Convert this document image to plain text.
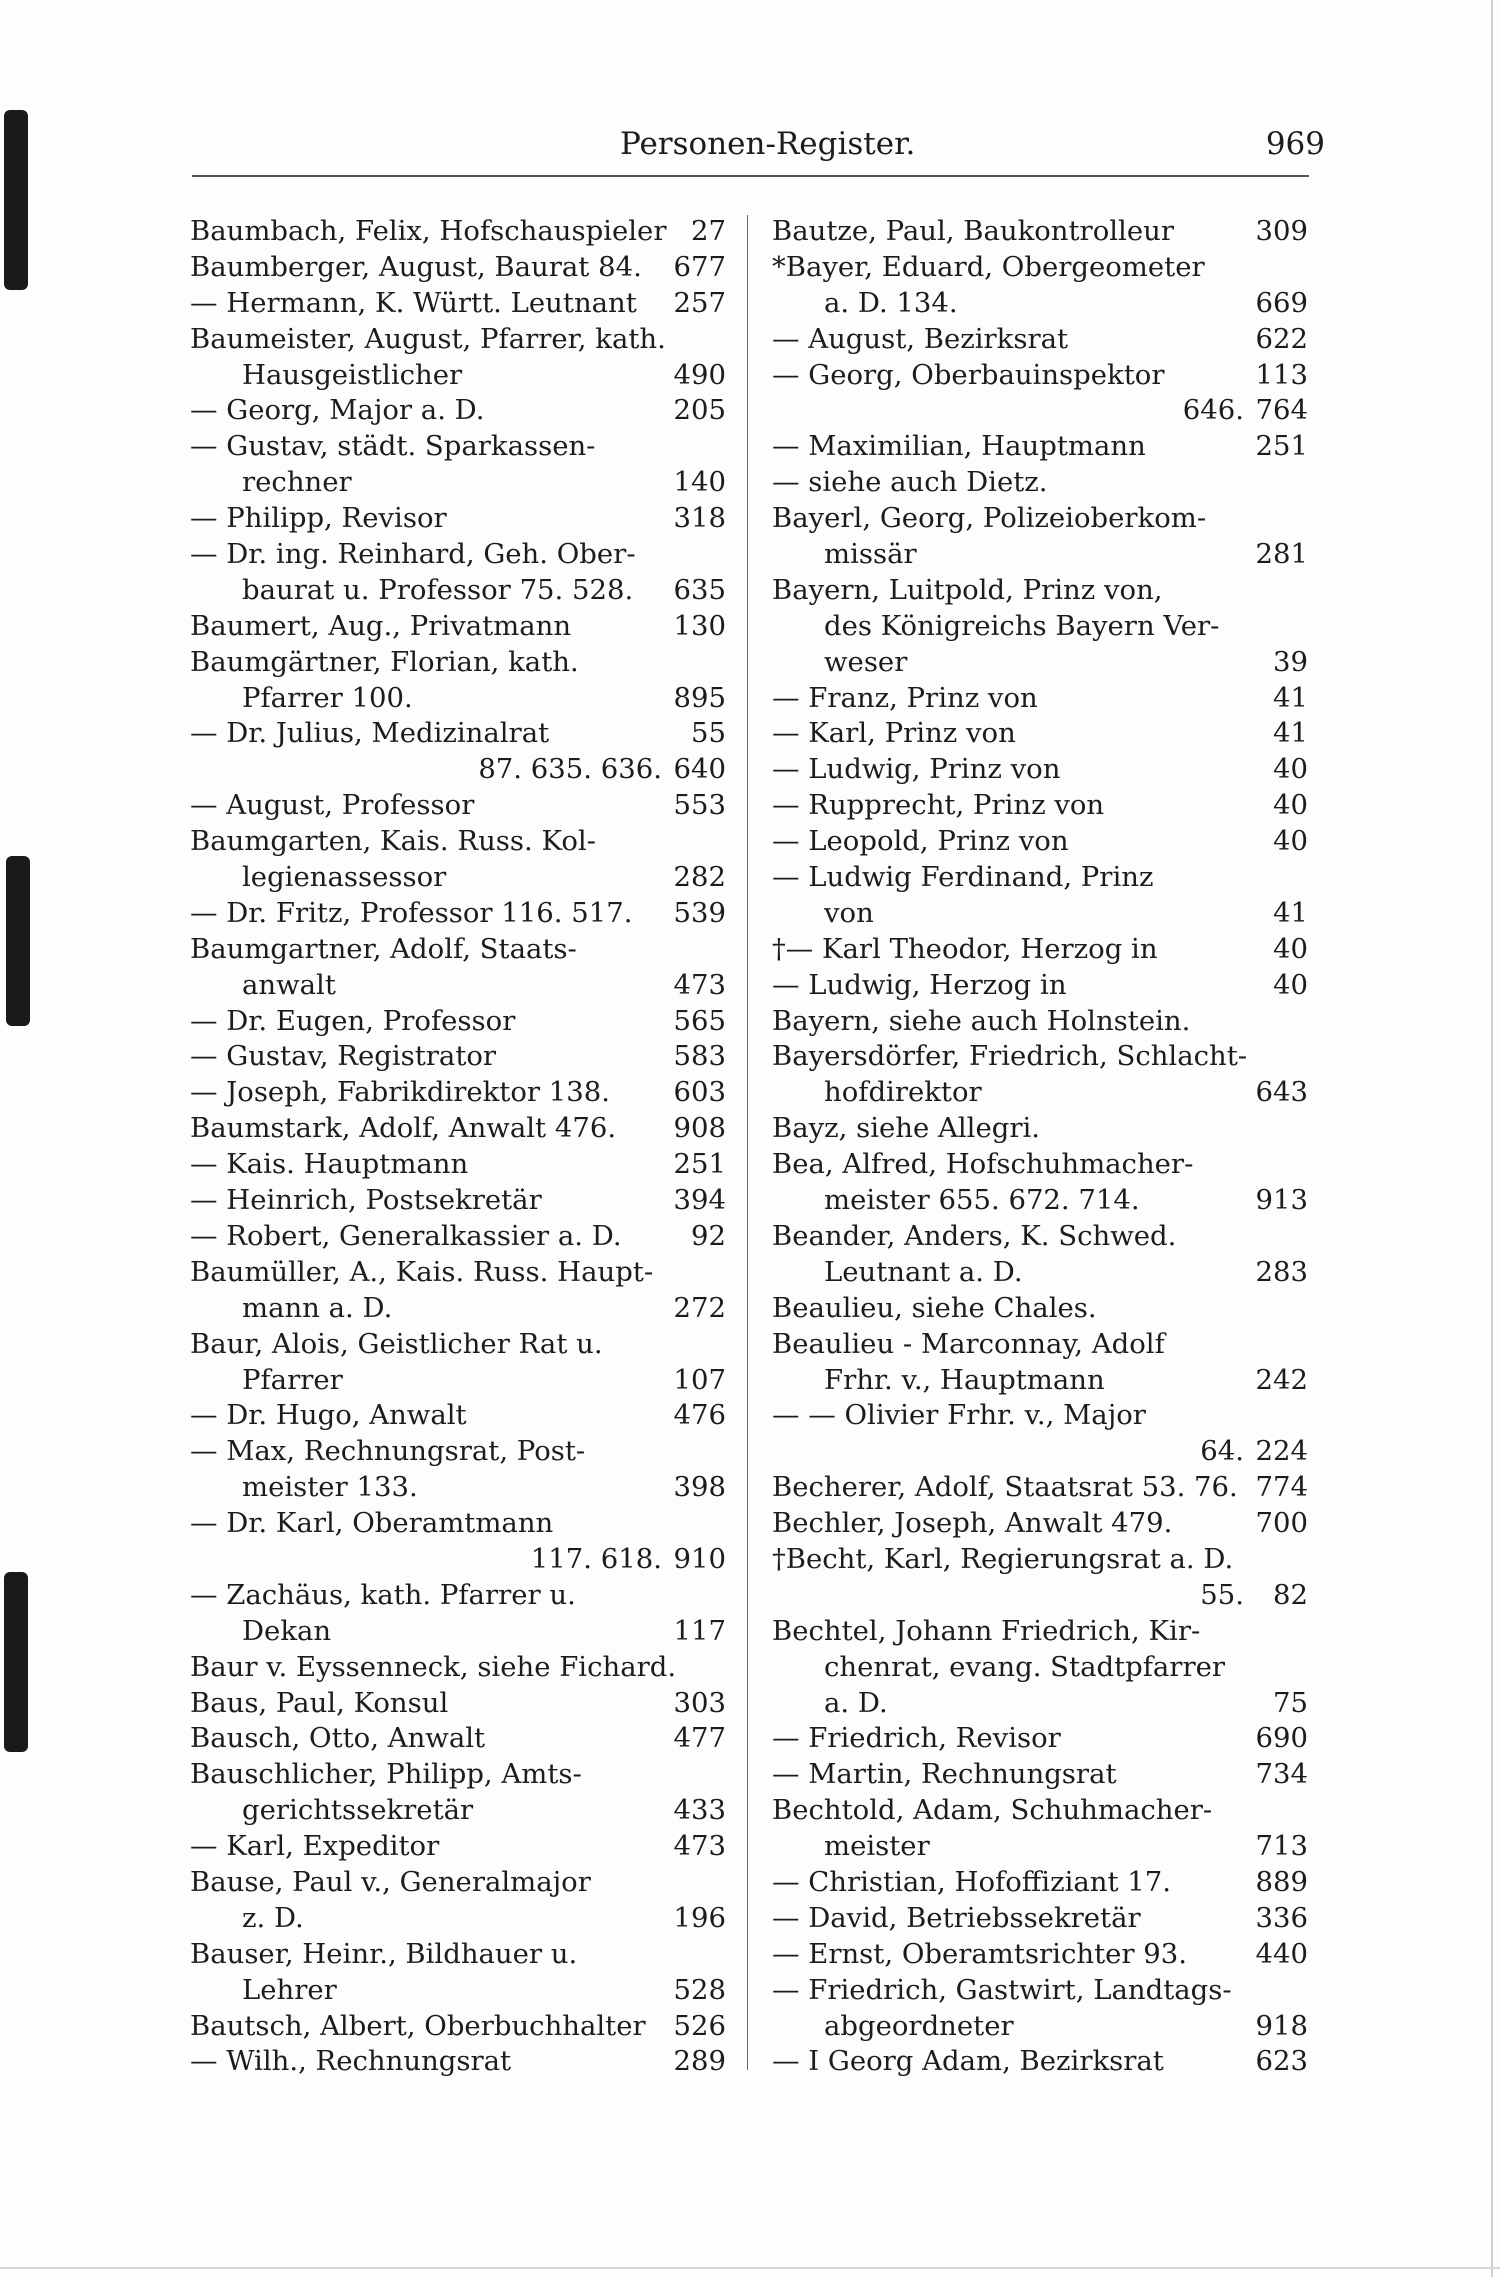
Personen-Register.	969
Baumbach, Felix, Hofschauspieler 27
Baumberger, August, Baurat 84. 677
— Hermann, K. Württ. Leutnant 257
Baumeister, August, Pfarrer, kath.
Hausgeistlicher	490
— Georg, Major a. D.	205
— Gustav, städt. Sparkassen-
rechner	140
— Philipp, Revisor	318
— Dr. ing. Reinhard, Geh. Ober-
baurat u. Professor 75. 528. 635
Baumert, Aug., Privatmann	130
Baumgärtner, Florian, kath.
Pfarrer 100.	895
— Dr. Julius, Medizinalrat	55
87. 635. 636. 640
— August, Professor	553
Baumgarten, Kais. Russ. Kol-
legienassessor	282
— Dr. Fritz, Professor 116. 517. 539
Baumgartner, Adolf, Staats-
anwalt	473
— Dr. Eugen, Professor	565
— Gustav, Registrator	583
— Joseph, Fabrikdirektor 138. 603
Baumstark, Adolf, Anwalt 476. 908
— Kais. Hauptmann	251
— Heinrich, Postsekretär	394
— Robert, Generalkassier a. D.	92
Baumüller, A., Kais. Russ. Haupt-
mann a. D.	272
Baur, Alois, Geistlicher Rat u.
Pfarrer	107
— Dr. Hugo, Anwalt	476
— Max, Rechnungsrat, Post-
meister 133.	398
— Dr. Karl, Oberamtmann
117. 618. 910
— Zachäus, kath. Pfarrer u.
Dekan	117
Baur v. Eyssenneck, siehe Fichard.
Baus, Paul, Konsul	303
Bausch, Otto, Anwalt	477
Bauschlicher, Philipp, Amts-
gerichtssekretär	433
— Karl, Expeditor	473
Bause, Paul v., Generalmajor
z. D.	196
Bauser, Heinr., Bildhauer u.
Lehrer	528
Bautsch, Albert, Oberbuchhalter 526
— Wilh., Rechnungsrat	289
Bautze, Paul, Baukontrolleur	309
*Bayer, Eduard, Obergeometer
a. D. 134.	669
— August, Bezirksrat	622
— Georg, Oberbauinspektor	113
646. 764
— Maximilian, Hauptmann	251
— siehe auch Dietz.
Bayerl, Georg, Polizeioberkom-
missär	281
Bayern, Luitpold, Prinz von,
des Königreichs Bayern Ver-
weser	39
— Franz, Prinz von	41
— Karl, Prinz von	41
— Ludwig, Prinz von	40
— Rupprecht, Prinz von	40
— Leopold, Prinz von	40
— Ludwig Ferdinand, Prinz
von	41
†— Karl Theodor, Herzog in	40
— Ludwig, Herzog in	40
Bayern, siehe auch Holnstein.
Bayersdörfer, Friedrich, Schlacht-
hofdirektor	643
Bayz, siehe Allegri.
Bea, Alfred, Hofschuhmacher-
meister 655. 672. 714.	913
Beander, Anders, K. Schwed.
Leutnant a. D.	283
Beaulieu, siehe Chales.
Beaulieu - Marconnay, Adolf
Frhr. v., Hauptmann	242
— — Olivier Frhr. v., Major
64. 224
Becherer, Adolf, Staatsrat 53. 76. 774
Bechler, Joseph, Anwalt 479.	700
†Becht, Karl, Regierungsrat a. D.
55. 82
Bechtel, Johann Friedrich, Kir-
chenrat, evang. Stadtpfarrer
a. D.	75
— Friedrich, Revisor	690
— Martin, Rechnungsrat	734
Bechtold, Adam, Schuhmacher-
meister	713
— Christian, Hofoffiziant 17.	889
— David, Betriebssekretär	336
— Ernst, Oberamtsrichter 93. 440
— Friedrich, Gastwirt, Landtags-
abgeordneter	918
— I Georg Adam, Bezirksrat	623
